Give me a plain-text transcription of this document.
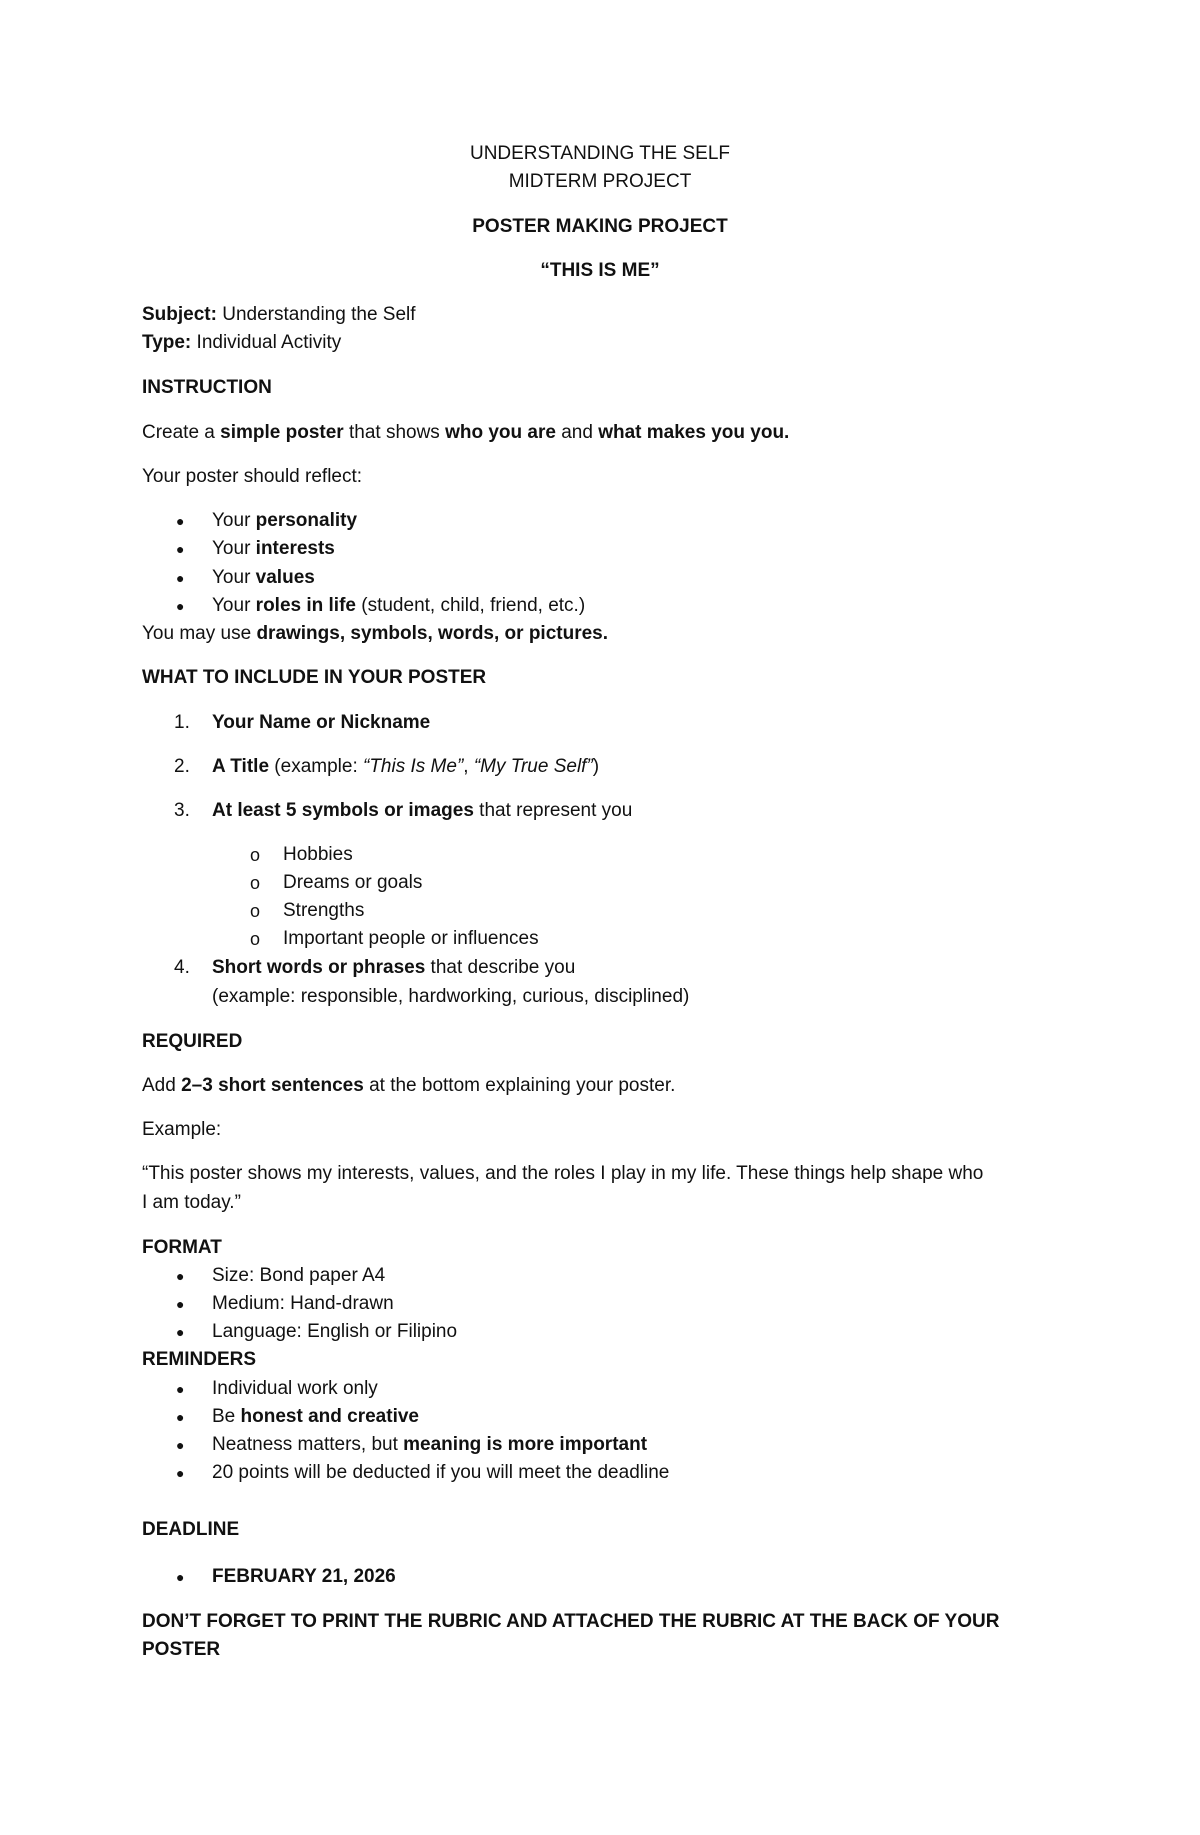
UNDERSTANDING THE SELF
MIDTERM PROJECT
POSTER MAKING PROJECT
“THIS IS ME”
Subject: Understanding the Self
Type: Individual Activity
INSTRUCTION
Create a simple poster that shows who you are and what makes you you.
Your poster should reflect:
● Your personality
● Your interests
● Your values
● Your roles in life (student, child, friend, etc.)
You may use drawings, symbols, words, or pictures.
WHAT TO INCLUDE IN YOUR POSTER
1. Your Name or Nickname
2. A Title (example: “This Is Me”, “My True Self”)
3. At least 5 symbols or images that represent you
o Hobbies
o Dreams or goals
o Strengths
o Important people or influences
4. Short words or phrases that describe you
(example: responsible, hardworking, curious, disciplined)
REQUIRED
Add 2–3 short sentences at the bottom explaining your poster.
Example:
“This poster shows my interests, values, and the roles I play in my life. These things help shape who
I am today.”
FORMAT
● Size: Bond paper A4
● Medium: Hand-drawn
● Language: English or Filipino
REMINDERS
● Individual work only
● Be honest and creative
● Neatness matters, but meaning is more important
● 20 points will be deducted if you will meet the deadline
DEADLINE
● FEBRUARY 21, 2026
DON’T FORGET TO PRINT THE RUBRIC AND ATTACHED THE RUBRIC AT THE BACK OF YOUR
POSTER
